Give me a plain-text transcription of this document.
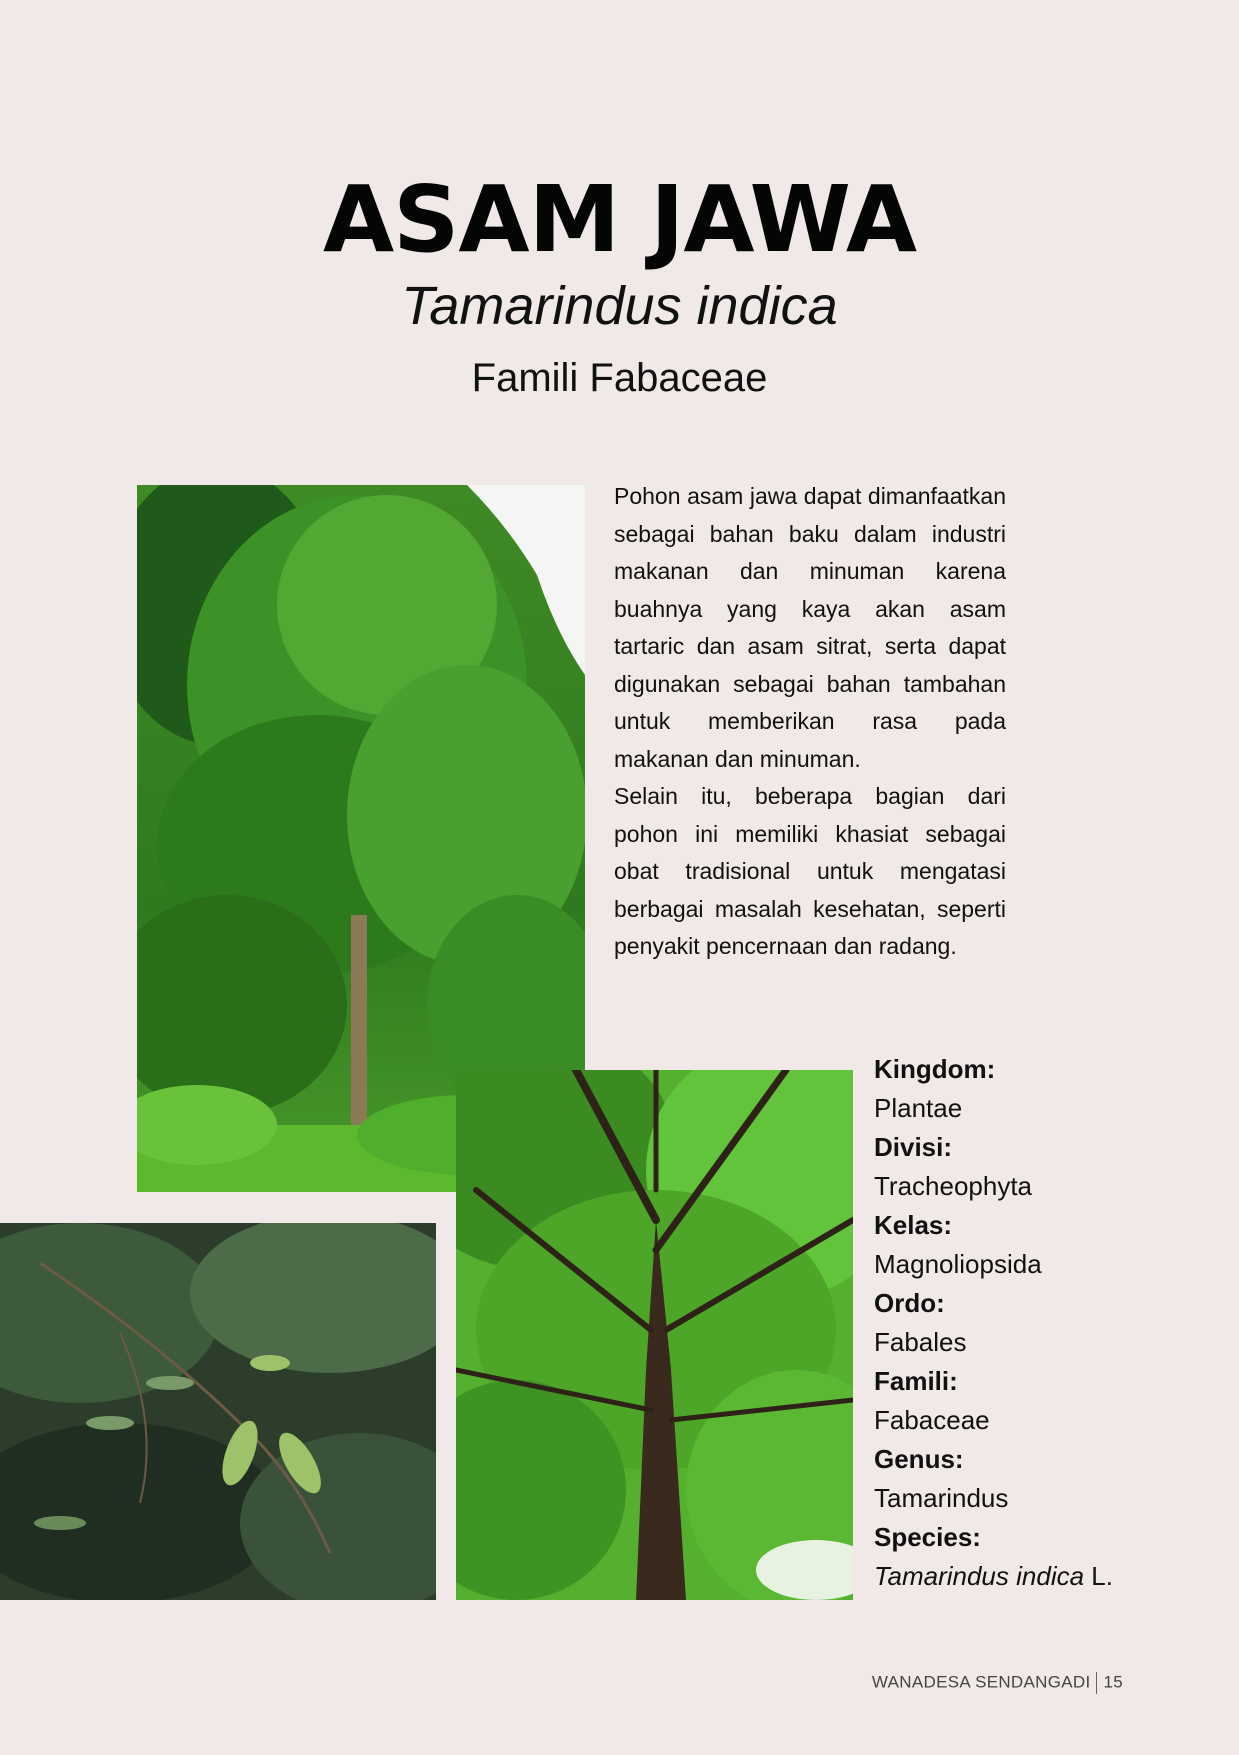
ASAM JAWA
Tamarindus indica
Famili Fabaceae

Pohon asam jawa dapat dimanfaatkan sebagai bahan baku dalam industri makanan dan minuman karena buahnya yang kaya akan asam tartaric dan asam sitrat, serta dapat digunakan sebagai bahan tambahan untuk memberikan rasa pada makanan dan minuman.

Selain itu, beberapa bagian dari pohon ini memiliki khasiat sebagai obat tradisional untuk mengatasi berbagai masalah kesehatan, seperti penyakit pencernaan dan radang.

Kingdom:
Plantae
Divisi:
Tracheophyta
Kelas:
Magnoliopsida
Ordo:
Fabales
Famili:
Fabaceae
Genus:
Tamarindus
Species:
Tamarindus indica L.
WANADESA SENDANGADI 15
